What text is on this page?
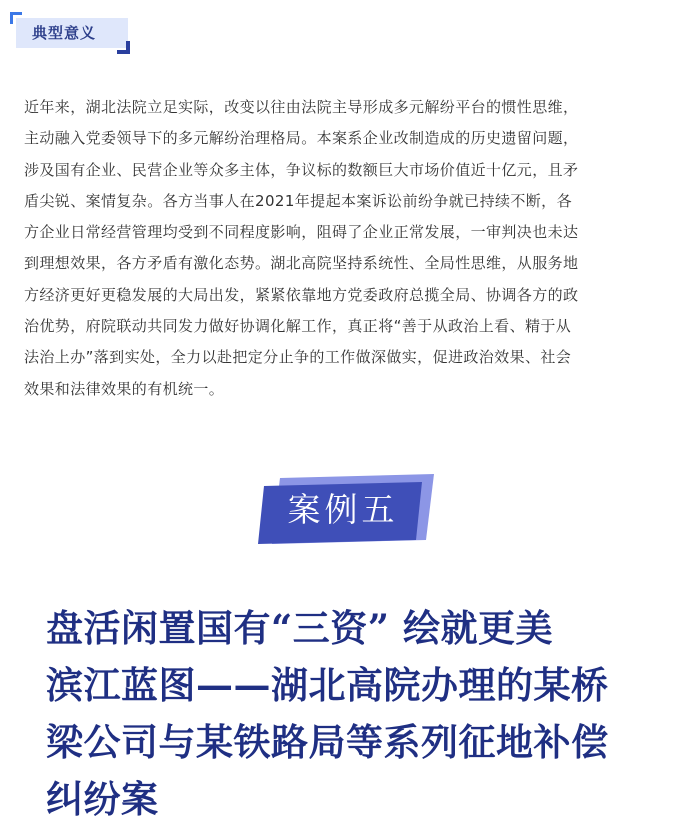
典型意义

近年来，湖北法院立足实际，改变以往由法院主导形成多元解纷平台的惯性思维，
主动融入党委领导下的多元解纷治理格局。本案系企业改制造成的历史遗留问题，
涉及国有企业、民营企业等众多主体，争议标的数额巨大市场价值近十亿元，且矛
盾尖锐、案情复杂。各方当事人在2021年提起本案诉讼前纷争就已持续不断，各
方企业日常经营管理均受到不同程度影响，阻碍了企业正常发展，一审判决也未达
到理想效果，各方矛盾有激化态势。湖北高院坚持系统性、全局性思维，从服务地
方经济更好更稳发展的大局出发，紧紧依靠地方党委政府总揽全局、协调各方的政
治优势，府院联动共同发力做好协调化解工作，真正将“善于从政治上看、精于从
法治上办”落到实处，全力以赴把定分止争的工作做深做实，促进政治效果、社会
效果和法律效果的有机统一。

案例五
盘活闲置国有“三资” 绘就更美
滨江蓝图——湖北高院办理的某桥
梁公司与某铁路局等系列征地补偿
纠纷案
